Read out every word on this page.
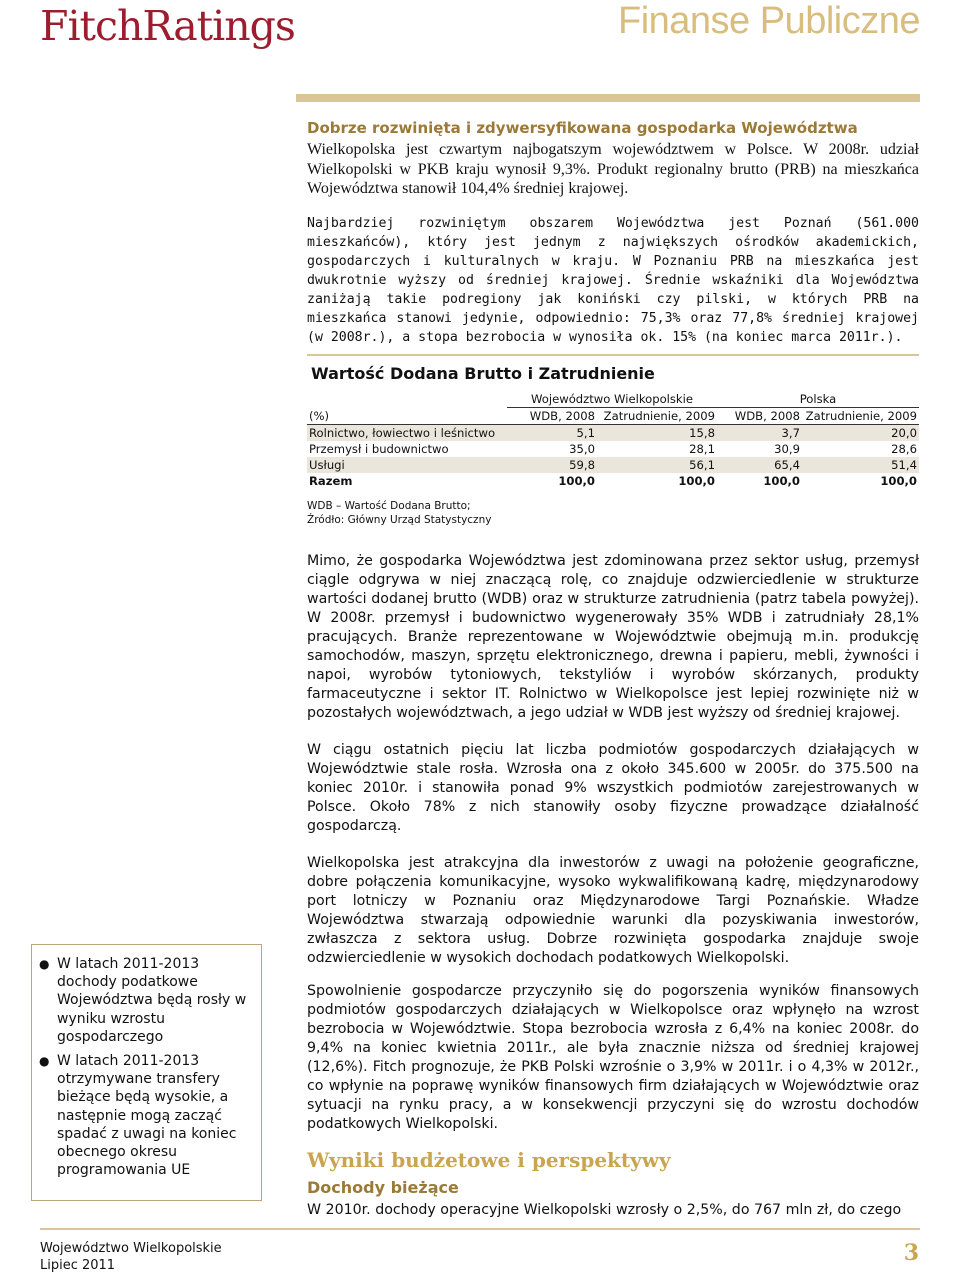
FitchRatings	Finanse Publiczne
Dobrze rozwinięta i zdywersyfikowana gospodarka Województwa

Wielkopolska jest czwartym najbogatszym województwem w Polsce. W 2008r. udział Wielkopolski w PKB kraju wynosił 9,3%. Produkt regionalny brutto (PRB) na mieszkańca Województwa stanowił 104,4% średniej krajowej.

Najbardziej rozwiniętym obszarem Województwa jest Poznań (561.000 mieszkańców), który jest jednym z największych ośrodków akademickich, gospodarczych i kulturalnych w kraju. W Poznaniu PRB na mieszkańca jest dwukrotnie wyższy od średniej krajowej. Średnie wskaźniki dla Województwa zaniżają takie podregiony jak koniński czy pilski, w których PRB na mieszkańca stanowi jedynie, odpowiednio: 75,3% oraz 77,8% średniej krajowej (w 2008r.), a stopa bezrobocia w wynosiła ok. 15% (na koniec marca 2011r.).

Wartość Dodana Brutto i Zatrudnienie
	Województwo Wielkopolskie		Polska	
(%)	WDB, 2008	Zatrudnienie, 2009	WDB, 2008	Zatrudnienie, 2009
Rolnictwo, łowiectwo i leśnictwo	5,1	15,8	3,7	20,0
Przemysł i budownictwo	35,0	28,1	30,9	28,6
Usługi	59,8	56,1	65,4	51,4
Razem	100,0	100,0	100,0	100,0
WDB – Wartość Dodana Brutto;
Źródło: Główny Urząd Statystyczny

Mimo, że gospodarka Województwa jest zdominowana przez sektor usług, przemysł ciągle odgrywa w niej znaczącą rolę, co znajduje odzwierciedlenie w strukturze wartości dodanej brutto (WDB) oraz w strukturze zatrudnienia (patrz tabela powyżej). W 2008r. przemysł i budownictwo wygenerowały 35% WDB i zatrudniały 28,1% pracujących. Branże reprezentowane w Województwie obejmują m.in. produkcję samochodów, maszyn, sprzętu elektronicznego, drewna i papieru, mebli, żywności i napoi, wyrobów tytoniowych, tekstyliów i wyrobów skórzanych, produkty farmaceutyczne i sektor IT. Rolnictwo w Wielkopolsce jest lepiej rozwinięte niż w pozostałych województwach, a jego udział w WDB jest wyższy od średniej krajowej.

W ciągu ostatnich pięciu lat liczba podmiotów gospodarczych działających w Województwie stale rosła. Wzrosła ona z około 345.600 w 2005r. do 375.500 na koniec 2010r. i stanowiła ponad 9% wszystkich podmiotów zarejestrowanych w Polsce. Około 78% z nich stanowiły osoby fizyczne prowadzące działalność gospodarczą.

Wielkopolska jest atrakcyjna dla inwestorów z uwagi na położenie geograficzne, dobre połączenia komunikacyjne, wysoko wykwalifikowaną kadrę, międzynarodowy port lotniczy w Poznaniu oraz Międzynarodowe Targi Poznańskie. Władze Województwa stwarzają odpowiednie warunki dla pozyskiwania inwestorów, zwłaszcza z sektora usług. Dobrze rozwinięta gospodarka znajduje swoje odzwierciedlenie w wysokich dochodach podatkowych Wielkopolski.

Spowolnienie gospodarcze przyczyniło się do pogorszenia wyników finansowych podmiotów gospodarczych działających w Wielkopolsce oraz wpłynęło na wzrost bezrobocia w Województwie. Stopa bezrobocia wzrosła z 6,4% na koniec 2008r. do 9,4% na koniec kwietnia 2011r., ale była znacznie niższa od średniej krajowej (12,6%). Fitch prognozuje, że PKB Polski wzrośnie o 3,9% w 2011r. i o 4,3% w 2012r., co wpłynie na poprawę wyników finansowych firm działających w Województwie oraz sytuacji na rynku pracy, a w konsekwencji przyczyni się do wzrostu dochodów podatkowych Wielkopolski.

Wyniki budżetowe i perspektywy
Dochody bieżące

W 2010r. dochody operacyjne Wielkopolski wzrosły o 2,5%, do 767 mln zł, do czego

● W latach 2011-2013 dochody podatkowe Województwa będą rosły w wyniku wzrostu gospodarczego
● W latach 2011-2013 otrzymywane transfery bieżące będą wysokie, a następnie mogą zacząć spadać z uwagi na koniec obecnego okresu programowania UE
Województwo Wielkopolskie
Lipiec 2011	3
